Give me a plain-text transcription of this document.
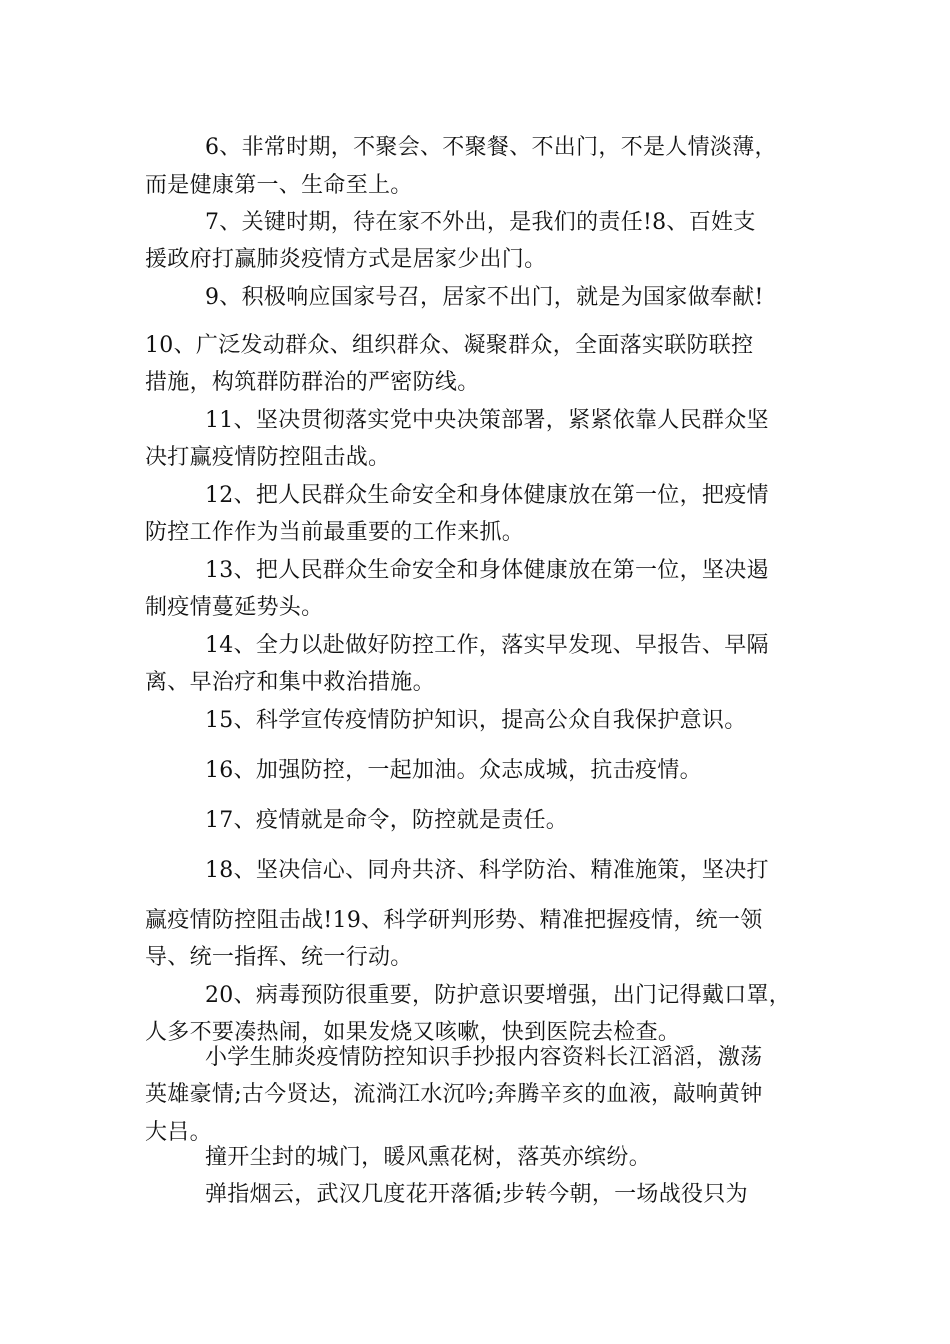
6、非常时期，不聚会、不聚餐、不出门，不是人情淡薄，
而是健康第一、生命至上。
7、关键时期，待在家不外出，是我们的责任!8、百姓支
援政府打赢肺炎疫情方式是居家少出门。
9、积极响应国家号召，居家不出门，就是为国家做奉献!
10、广泛发动群众、组织群众、凝聚群众，全面落实联防联控
措施，构筑群防群治的严密防线。
11、坚决贯彻落实党中央决策部署，紧紧依靠人民群众坚
决打赢疫情防控阻击战。
12、把人民群众生命安全和身体健康放在第一位，把疫情
防控工作作为当前最重要的工作来抓。
13、把人民群众生命安全和身体健康放在第一位，坚决遏
制疫情蔓延势头。
14、全力以赴做好防控工作，落实早发现、早报告、早隔
离、早治疗和集中救治措施。
15、科学宣传疫情防护知识，提高公众自我保护意识。
16、加强防控，一起加油。众志成城，抗击疫情。
17、疫情就是命令，防控就是责任。
18、坚决信心、同舟共济、科学防治、精准施策，坚决打
赢疫情防控阻击战!19、科学研判形势、精准把握疫情，统一领
导、统一指挥、统一行动。
20、病毒预防很重要，防护意识要增强，出门记得戴口罩，
人多不要凑热闹，如果发烧又咳嗽，快到医院去检查。
小学生肺炎疫情防控知识手抄报内容资料长江滔滔，激荡
英雄豪情;古今贤达，流淌江水沉吟;奔腾辛亥的血液，敲响黄钟
大吕。
撞开尘封的城门，暖风熏花树，落英亦缤纷。
弹指烟云，武汉几度花开落循;步转今朝，一场战役只为
